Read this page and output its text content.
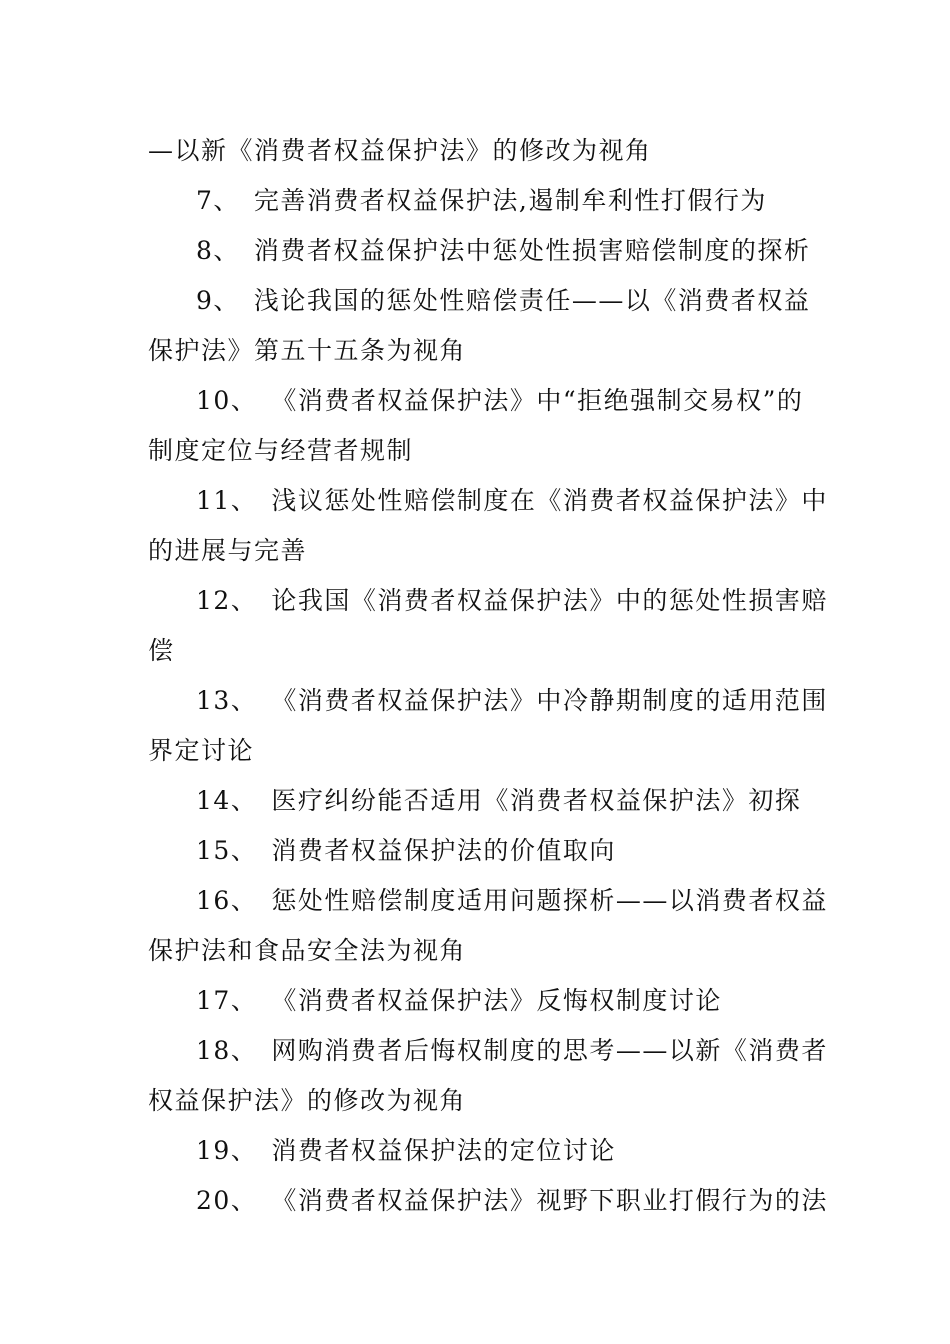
—以新《消费者权益保护法》的修改为视角
7、 完善消费者权益保护法,遏制牟利性打假行为
8、 消费者权益保护法中惩处性损害赔偿制度的探析
9、 浅论我国的惩处性赔偿责任——以《消费者权益
保护法》第五十五条为视角
10、 《消费者权益保护法》中“拒绝强制交易权”的
制度定位与经营者规制
11、 浅议惩处性赔偿制度在《消费者权益保护法》中
的进展与完善
12、 论我国《消费者权益保护法》中的惩处性损害赔
偿
13、 《消费者权益保护法》中冷静期制度的适用范围
界定讨论
14、 医疗纠纷能否适用《消费者权益保护法》初探
15、 消费者权益保护法的价值取向
16、 惩处性赔偿制度适用问题探析——以消费者权益
保护法和食品安全法为视角
17、 《消费者权益保护法》反悔权制度讨论
18、 网购消费者后悔权制度的思考——以新《消费者
权益保护法》的修改为视角
19、 消费者权益保护法的定位讨论
20、 《消费者权益保护法》视野下职业打假行为的法
